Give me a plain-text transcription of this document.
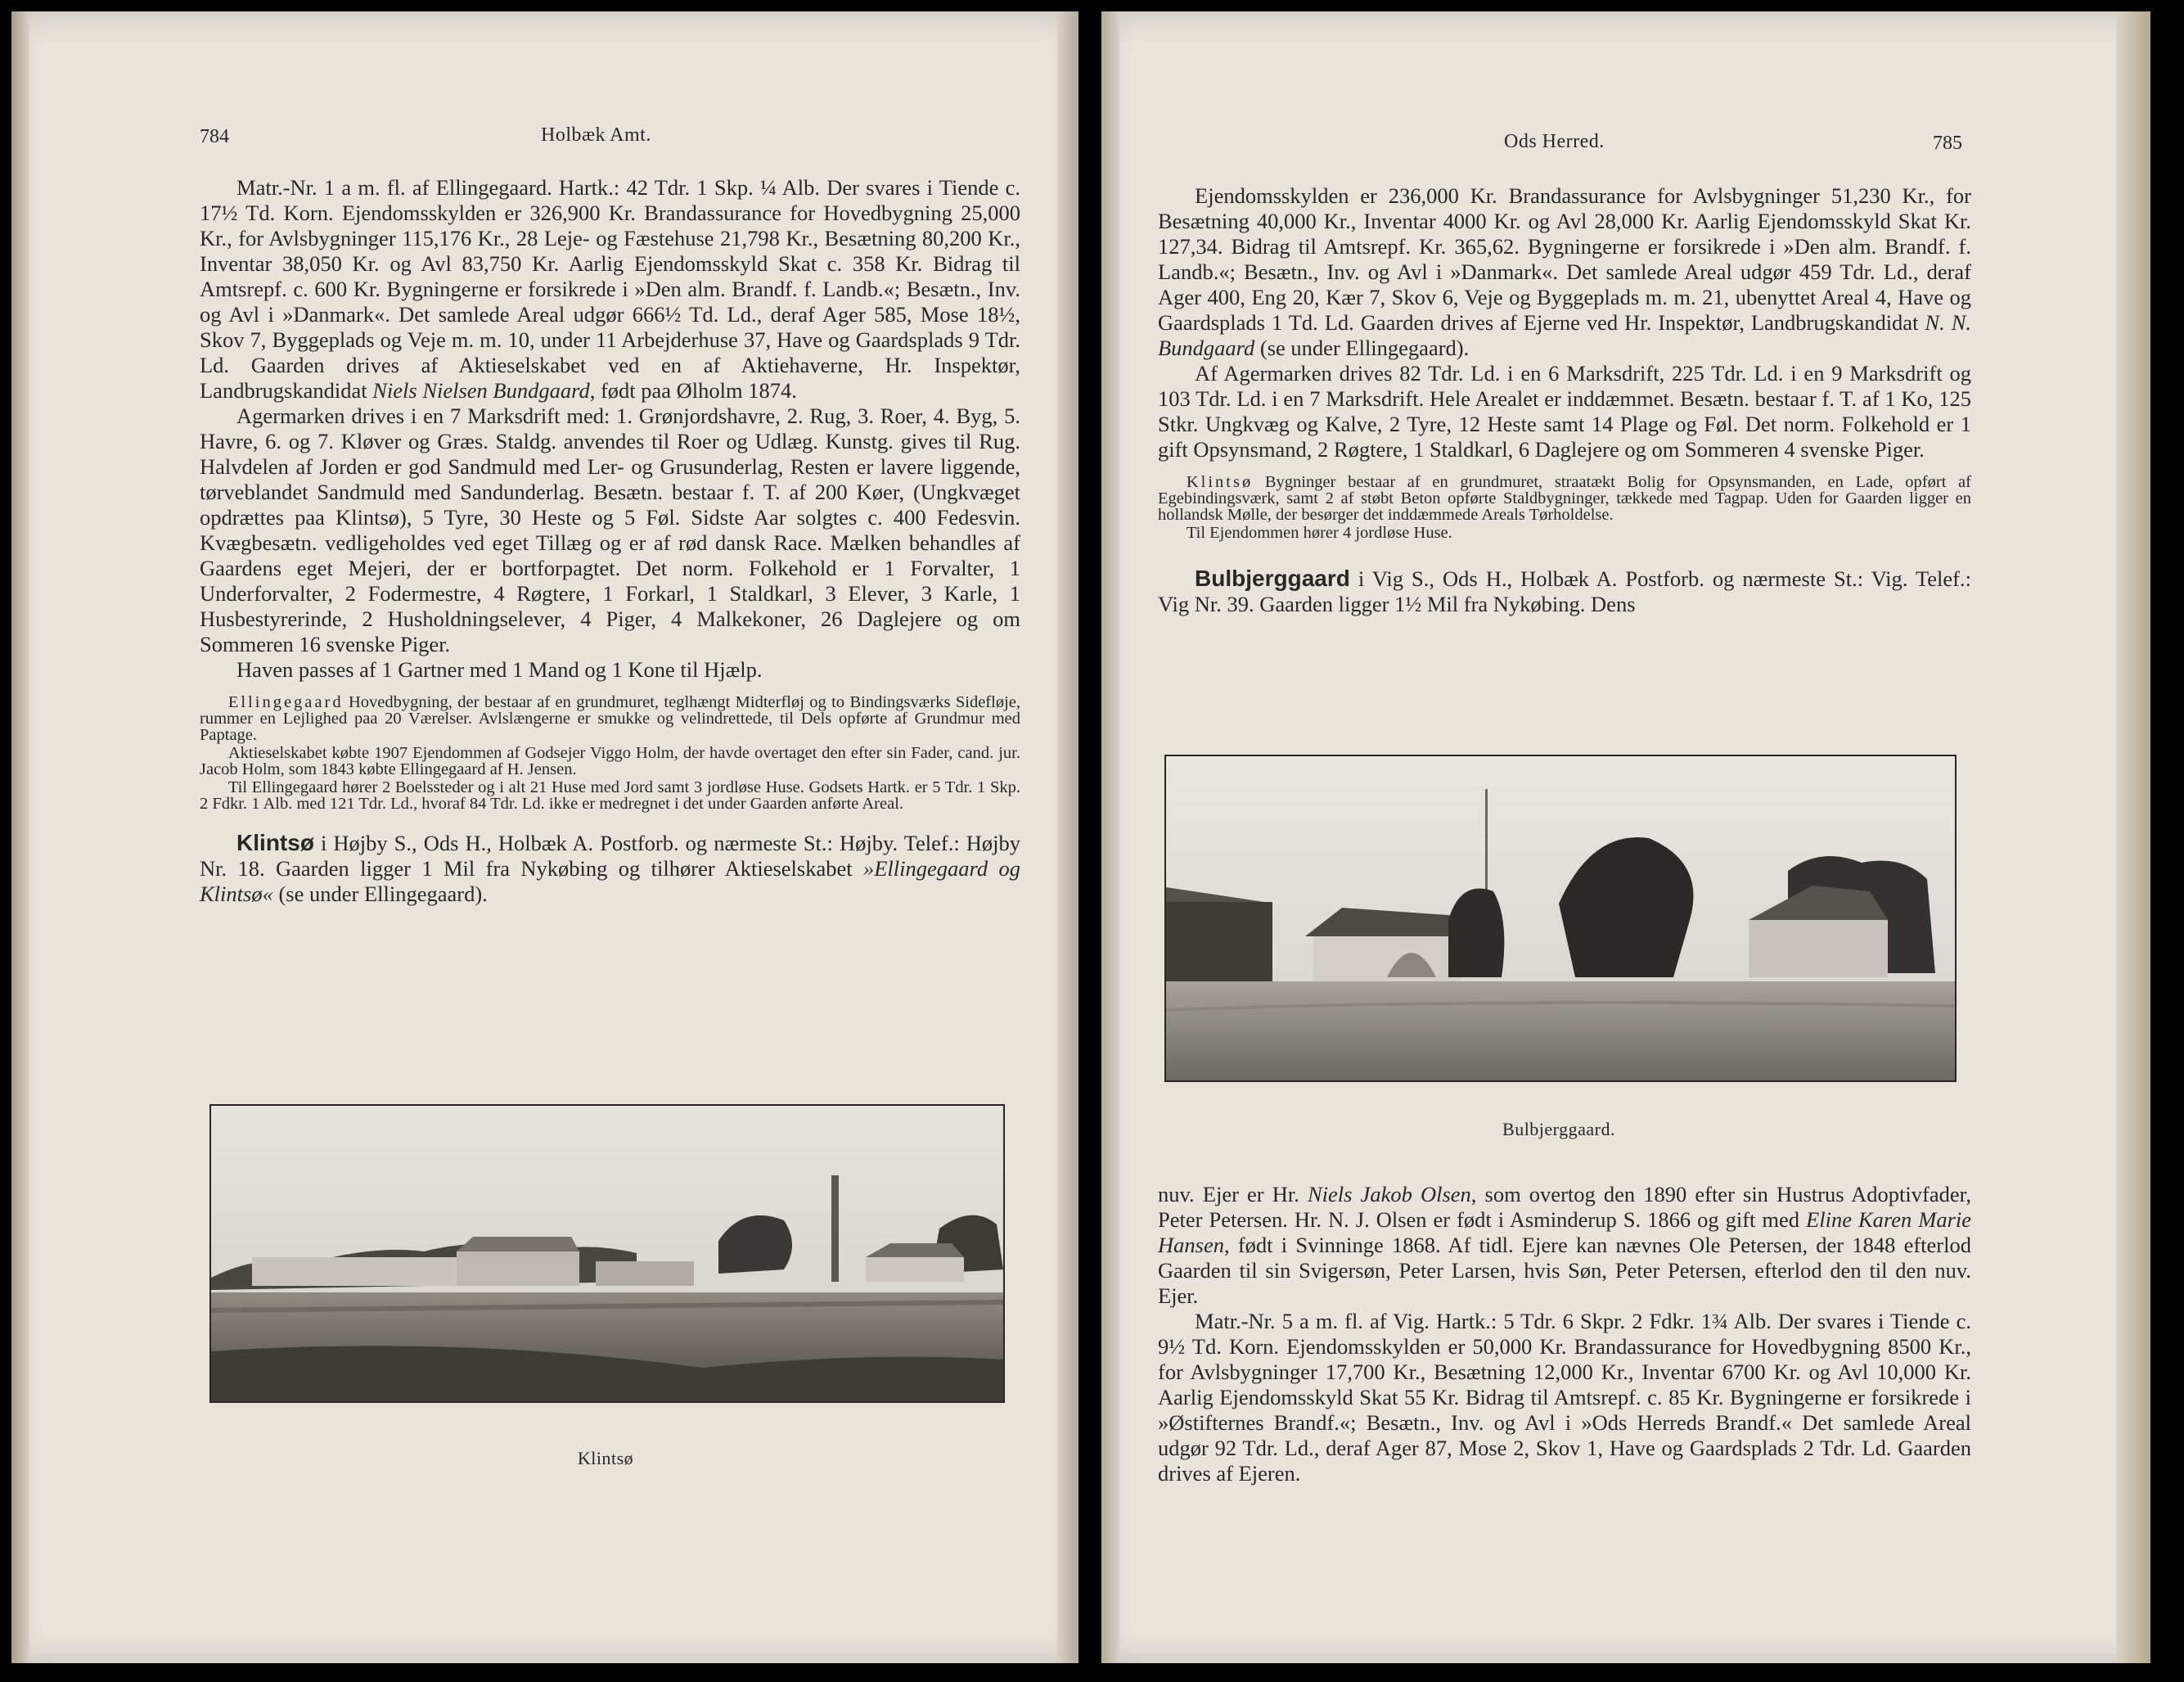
784	Holbæk Amt.

Matr.-Nr. 1 a m. fl. af Ellingegaard. Hartk.: 42 Tdr. 1 Skp. ¼ Alb. Der svares i Tiende c. 17½ Td. Korn. Ejendomsskylden er 326,900 Kr. Brandassurance for Hovedbygning 25,000 Kr., for Avlsbygninger 115,176 Kr., 28 Leje- og Fæstehuse 21,798 Kr., Besætning 80,200 Kr., Inventar 38,050 Kr. og Avl 83,750 Kr. Aarlig Ejendomsskyld Skat c. 358 Kr. Bidrag til Amtsrepf. c. 600 Kr. Bygningerne er forsikrede i »Den alm. Brandf. f. Landb.«; Besætn., Inv. og Avl i »Danmark«. Det samlede Areal udgør 666½ Td. Ld., deraf Ager 585, Mose 18½, Skov 7, Byggeplads og Veje m. m. 10, under 11 Arbejderhuse 37, Have og Gaardsplads 9 Tdr. Ld. Gaarden drives af Aktieselskabet ved en af Aktiehaverne, Hr. Inspektør, Landbrugskandidat Niels Nielsen Bundgaard, født paa Ølholm 1874.

Agermarken drives i en 7 Marksdrift med: 1. Grønjordshavre, 2. Rug, 3. Roer, 4. Byg, 5. Havre, 6. og 7. Kløver og Græs. Staldg. anvendes til Roer og Udlæg. Kunstg. gives til Rug. Halvdelen af Jorden er god Sandmuld med Ler- og Grusunderlag, Resten er lavere liggende, tørveblandet Sandmuld med Sandunderlag. Besætn. bestaar f. T. af 200 Køer, (Ungkvæget opdrættes paa Klintsø), 5 Tyre, 30 Heste og 5 Føl. Sidste Aar solgtes c. 400 Fedesvin. Kvægbesætn. vedligeholdes ved eget Tillæg og er af rød dansk Race. Mælken behandles af Gaardens eget Mejeri, der er bortforpagtet. Det norm. Folkehold er 1 Forvalter, 1 Underforvalter, 2 Fodermestre, 4 Røgtere, 1 Forkarl, 1 Staldkarl, 3 Elever, 3 Karle, 1 Husbestyrerinde, 2 Husholdningselever, 4 Piger, 4 Malkekoner, 26 Daglejere og om Sommeren 16 svenske Piger.

Haven passes af 1 Gartner med 1 Mand og 1 Kone til Hjælp.

Ellingegaard Hovedbygning, der bestaar af en grundmuret, teglhængt Midterfløj og to Bindingsværks Sidefløje, rummer en Lejlighed paa 20 Værelser. Avlslængerne er smukke og velindrettede, til Dels opførte af Grundmur med Paptage.

Aktieselskabet købte 1907 Ejendommen af Godsejer Viggo Holm, der havde overtaget den efter sin Fader, cand. jur. Jacob Holm, som 1843 købte Ellingegaard af H. Jensen.

Til Ellingegaard hører 2 Boelssteder og i alt 21 Huse med Jord samt 3 jordløse Huse. Godsets Hartk. er 5 Tdr. 1 Skp. 2 Fdkr. 1 Alb. med 121 Tdr. Ld., hvoraf 84 Tdr. Ld. ikke er medregnet i det under Gaarden anførte Areal.

Klintsø i Højby S., Ods H., Holbæk A. Postforb. og nærmeste St.: Højby. Telef.: Højby Nr. 18. Gaarden ligger 1 Mil fra Nykøbing og tilhører Aktieselskabet »Ellingegaard og Klintsø« (se under Ellingegaard).

Klintsø
Ods Herred.	785

Ejendomsskylden er 236,000 Kr. Brandassurance for Avlsbygninger 51,230 Kr., for Besætning 40,000 Kr., Inventar 4000 Kr. og Avl 28,000 Kr. Aarlig Ejendomsskyld Skat Kr. 127,34. Bidrag til Amtsrepf. Kr. 365,62. Bygningerne er forsikrede i »Den alm. Brandf. f. Landb.«; Besætn., Inv. og Avl i »Danmark«. Det samlede Areal udgør 459 Tdr. Ld., deraf Ager 400, Eng 20, Kær 7, Skov 6, Veje og Byggeplads m. m. 21, ubenyttet Areal 4, Have og Gaardsplads 1 Td. Ld. Gaarden drives af Ejerne ved Hr. Inspektør, Landbrugskandidat N. N. Bundgaard (se under Ellingegaard).

Af Agermarken drives 82 Tdr. Ld. i en 6 Marksdrift, 225 Tdr. Ld. i en 9 Marksdrift og 103 Tdr. Ld. i en 7 Marksdrift. Hele Arealet er inddæmmet. Besætn. bestaar f. T. af 1 Ko, 125 Stkr. Ungkvæg og Kalve, 2 Tyre, 12 Heste samt 14 Plage og Føl. Det norm. Folkehold er 1 gift Opsynsmand, 2 Røgtere, 1 Staldkarl, 6 Daglejere og om Sommeren 4 svenske Piger.

Klintsø Bygninger bestaar af en grundmuret, straatækt Bolig for Opsynsmanden, en Lade, opført af Egebindingsværk, samt 2 af støbt Beton opførte Staldbygninger, tækkede med Tagpap. Uden for Gaarden ligger en hollandsk Mølle, der besørger det inddæmmede Areals Tørholdelse.

Til Ejendommen hører 4 jordløse Huse.

Bulbjerggaard i Vig S., Ods H., Holbæk A. Postforb. og nærmeste St.: Vig. Telef.: Vig Nr. 39. Gaarden ligger 1½ Mil fra Nykøbing. Dens

Bulbjerggaard.

nuv. Ejer er Hr. Niels Jakob Olsen, som overtog den 1890 efter sin Hustrus Adoptivfader, Peter Petersen. Hr. N. J. Olsen er født i Asminderup S. 1866 og gift med Eline Karen Marie Hansen, født i Svinninge 1868. Af tidl. Ejere kan nævnes Ole Petersen, der 1848 efterlod Gaarden til sin Svigersøn, Peter Larsen, hvis Søn, Peter Petersen, efterlod den til den nuv. Ejer.

Matr.-Nr. 5 a m. fl. af Vig. Hartk.: 5 Tdr. 6 Skpr. 2 Fdkr. 1¾ Alb. Der svares i Tiende c. 9½ Td. Korn. Ejendomsskylden er 50,000 Kr. Brandassurance for Hovedbygning 8500 Kr., for Avlsbygninger 17,700 Kr., Besætning 12,000 Kr., Inventar 6700 Kr. og Avl 10,000 Kr. Aarlig Ejendomsskyld Skat 55 Kr. Bidrag til Amtsrepf. c. 85 Kr. Bygningerne er forsikrede i »Østifternes Brandf.«; Besætn., Inv. og Avl i »Ods Herreds Brandf.« Det samlede Areal udgør 92 Tdr. Ld., deraf Ager 87, Mose 2, Skov 1, Have og Gaardsplads 2 Tdr. Ld. Gaarden drives af Ejeren.
